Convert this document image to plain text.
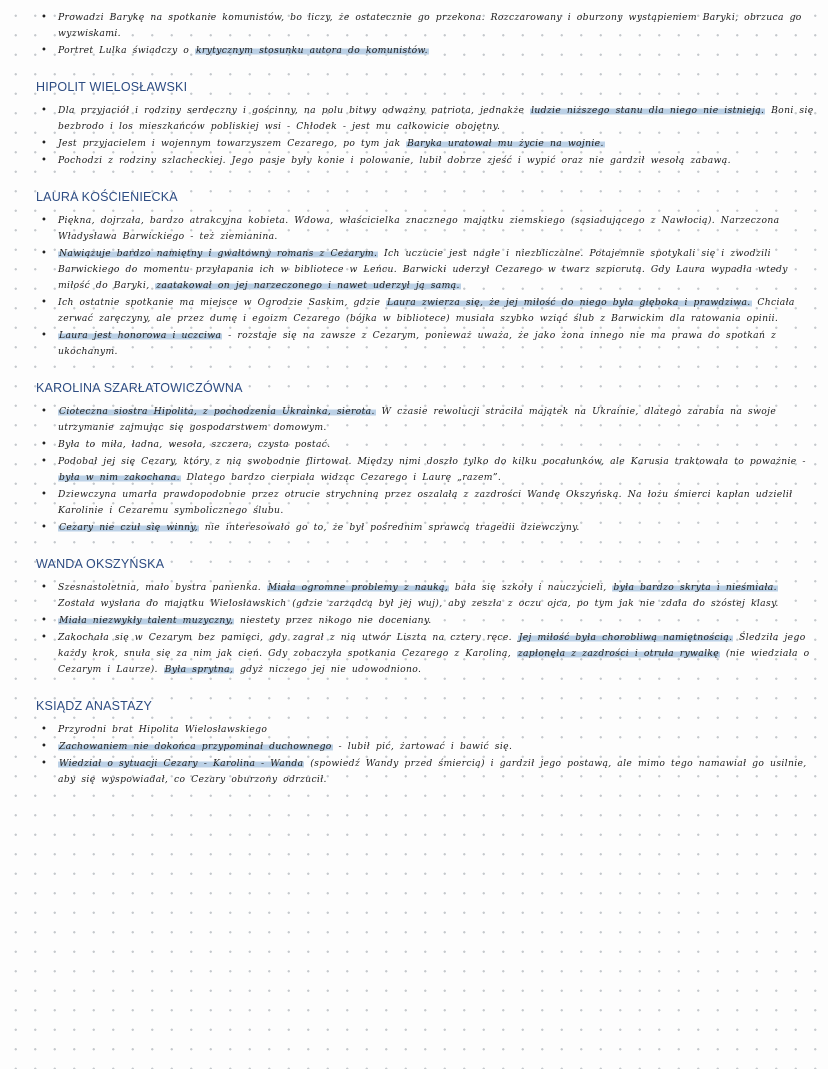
• Prowadzi Barykę na spotkanie komunistów, bo liczy, że ostatecznie go przekona. Rozczarowany i oburzony wystąpieniem Baryki, obrzuca go wyzwiskami.
• Portret Lulka świadczy o krytycznym stosunku autora do komunistów.
HIPOLIT WIELOSŁAWSKI
• Dla przyjaciół i rodziny serdeczny i gościnny, na polu bitwy odważny patriota, jednakże ludzie niższego stanu dla niego nie istnieją. Boni się bezbrodo i los mieszkańców pobliskiej wsi - Chłodek - jest mu całkowicie obojętny.
• Jest przyjacielem i wojennym towarzyszem Cezarego, po tym jak Baryka uratował mu życie na wojnie.
• Pochodzi z rodziny szlacheckiej. Jego pasje były konie i polowanie, lubił dobrze zjeść i wypić oraz nie gardził wesołą zabawą.
LAURA KOŚCIENIECKA
• Piękna, dojrzała, bardzo atrakcyjna kobieta. Wdowa, właścicielka znacznego majątku ziemskiego (sąsiadującego z Nawłocią). Narzeczona Władysława Barwickiego - też ziemianina.
• Nawiązuje bardzo namiętny i gwałtowny romans z Cezarym. Ich uczucie jest nagłe i niezbliczalne. Potajemnie spotykali się i zwodzili Barwickiego do momentu przyłapania ich w bibliotece w Leńcu. Barwicki uderzył Cezarego w twarz szpicrutą. Gdy Laura wypadła wtedy miłość do Baryki, zaatakował on jej narzeczonego i nawet uderzył ją samą.
• Ich ostatnie spotkanie ma miejsce w Ogrodzie Saskim, gdzie Laura zwierza się, że jej miłość do niego była głęboka i prawdziwa. Chciała zerwać zaręczyny, ale przez dumę i egoizm Cezarego (bójka w bibliotece) musiała szybko wziąć ślub z Barwickim dla ratowania opinii.
• Laura jest honorowa i uczciwa - rozstaje się na zawsze z Cezarym, ponieważ uważa, że jako żona innego nie ma prawa do spotkań z ukochanym.
KAROLINA SZARŁATOWICZÓWNA
• Cioteczna siostra Hipolita, z pochodzenia Ukrainka, sierota. W czasie rewolucji straciła majątek na Ukrainie, dlatego zarabia na swoje utrzymanie zajmując się gospodarstwem domowym.
• Była to miła, ładna, wesoła, szczera, czysta postać.
• Podobał jej się Cezary, który z nią swobodnie flirtował. Między nimi doszło tylko do kilku pocałunków, ale Karusia traktowała to poważnie - była w nim zakochana. Dlatego bardzo cierpiała widząc Cezarego i Laurę „razem”.
• Dziewczyna umarła prawdopodobnie przez otrucie strychniną przez oszalałą z zazdrości Wandę Okszyńską. Na łożu śmierci kapłan udzielił Karolinie i Cezaremu symbolicznego ślubu.
• Cezary nie czuł się winny, nie interesowało go to, że był pośrednim sprawcą tragedii dziewczyny.
WANDA OKSZYŃSKA
• Szesnastoletnia, mało bystra panienka. Miała ogromne problemy z nauką, bała się szkoły i nauczycieli, była bardzo skryta i nieśmiała. Została wysłana do majątku Wielosławskich (gdzie zarządcą był jej wuj), aby zeszła z oczu ojca, po tym jak nie zdała do szóstej klasy.
• Miała niezwykły talent muzyczny, niestety przez nikogo nie doceniany.
• Zakochała się w Cezarym bez pamięci, gdy zagrał z nią utwór Liszta na cztery ręce. Jej miłość była chorobliwą namiętnością. Śledziła jego każdy krok, snuła się za nim jak cień. Gdy zobaczyła spotkania Cezarego z Karoliną, zapłonęła z zazdrości i otruła rywalkę (nie wiedziała o Cezarym i Laurze). Była sprytna, gdyż niczego jej nie udowodniono.
KSIĄDZ ANASTAZY
• Przyrodni brat Hipolita Wielosławskiego
• Zachowaniem nie dokońca przypominał duchownego - lubił pić, żartować i bawić się.
• Wiedział o sytuacji Cezary - Karolina - Wanda (spowiedź Wandy przed śmiercią) i gardził jego postawą, ale mimo tego namawiał go usilnie, aby się wyspowiadał, co Cezary oburzony odrzucił.
